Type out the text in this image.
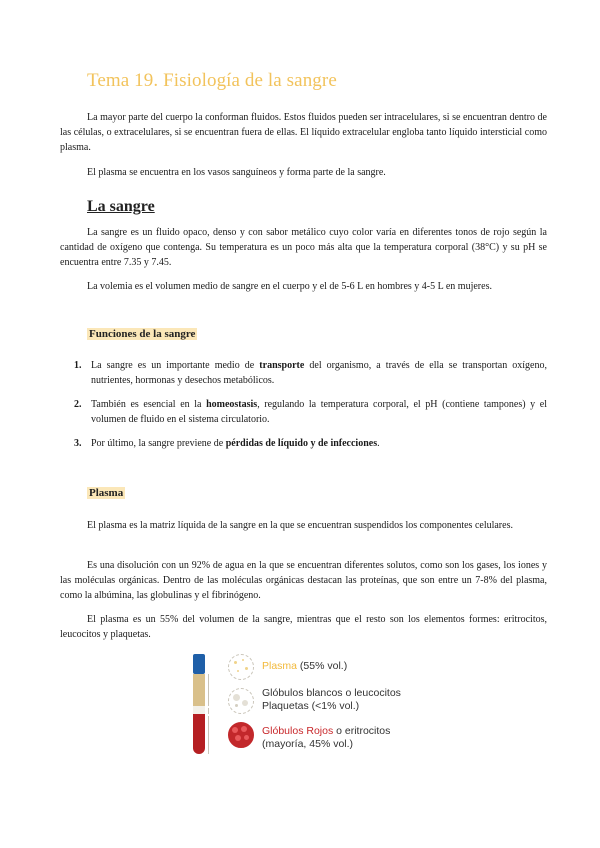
Tema 19. Fisiología de la sangre

La mayor parte del cuerpo la conforman fluidos. Estos fluidos pueden ser intracelulares, si se encuentran dentro de las células, o extracelulares, si se encuentran fuera de ellas. El líquido extracelular engloba tanto líquido intersticial como plasma.

El plasma se encuentra en los vasos sanguíneos y forma parte de la sangre.

La sangre

La sangre es un fluido opaco, denso y con sabor metálico cuyo color varía en diferentes tonos de rojo según la cantidad de oxígeno que contenga. Su temperatura es un poco más alta que la temperatura corporal (38°C) y su pH se encuentra entre 7.35 y 7.45.

La volemia es el volumen medio de sangre en el cuerpo y el de 5-6 L en hombres y 4-5 L en mujeres.

Funciones de la sangre
1. La sangre es un importante medio de transporte del organismo, a través de ella se transportan oxígeno, nutrientes, hormonas y desechos metabólicos.
2. También es esencial en la homeostasis, regulando la temperatura corporal, el pH (contiene tampones) y el volumen de fluido en el sistema circulatorio.
3. Por último, la sangre previene de pérdidas de líquido y de infecciones.
Plasma

El plasma es la matriz líquida de la sangre en la que se encuentran suspendidos los componentes celulares.

Es una disolución con un 92% de agua en la que se encuentran diferentes solutos, como son los gases, los iones y las moléculas orgánicas. Dentro de las moléculas orgánicas destacan las proteínas, que son entre un 7-8% del plasma, como la albúmina, las globulinas y el fibrinógeno.

El plasma es un 55% del volumen de la sangre, mientras que el resto son los elementos formes: eritrocitos, leucocitos y plaquetas.

Plasma (55% vol.)

Glóbulos blancos o leucocitos

Plaquetas (<1% vol.)

Glóbulos Rojos o eritrocitos

(mayoría, 45% vol.)
